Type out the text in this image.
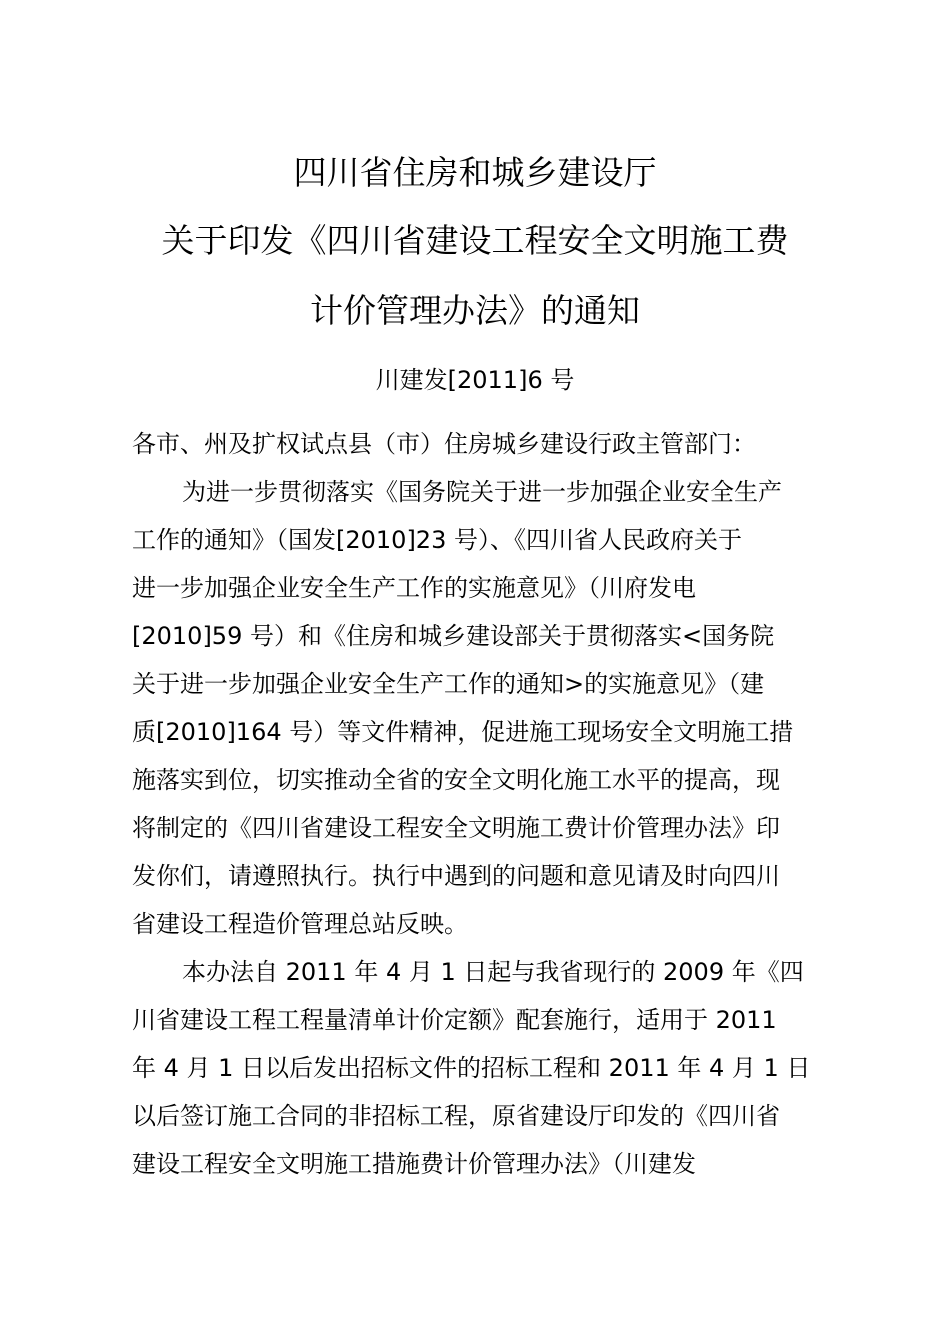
四川省住房和城乡建设厅
关于印发《四川省建设工程安全文明施工费
计价管理办法》的通知
川建发[2011]6 号
各市、州及扩权试点县（市）住房城乡建设行政主管部门：
为进一步贯彻落实《国务院关于进一步加强企业安全生产
工作的通知》（国发[2010]23 号）、《四川省人民政府关于
进一步加强企业安全生产工作的实施意见》（川府发电
[2010]59 号）和《住房和城乡建设部关于贯彻落实<国务院
关于进一步加强企业安全生产工作的通知>的实施意见》（建
质[2010]164 号）等文件精神，促进施工现场安全文明施工措
施落实到位，切实推动全省的安全文明化施工水平的提高，现
将制定的《四川省建设工程安全文明施工费计价管理办法》印
发你们，请遵照执行。执行中遇到的问题和意见请及时向四川
省建设工程造价管理总站反映。
本办法自 2011 年 4 月 1 日起与我省现行的 2009 年《四
川省建设工程工程量清单计价定额》配套施行，适用于 2011
年 4 月 1 日以后发出招标文件的招标工程和 2011 年 4 月 1 日
以后签订施工合同的非招标工程，原省建设厅印发的《四川省
建设工程安全文明施工措施费计价管理办法》（川建发
